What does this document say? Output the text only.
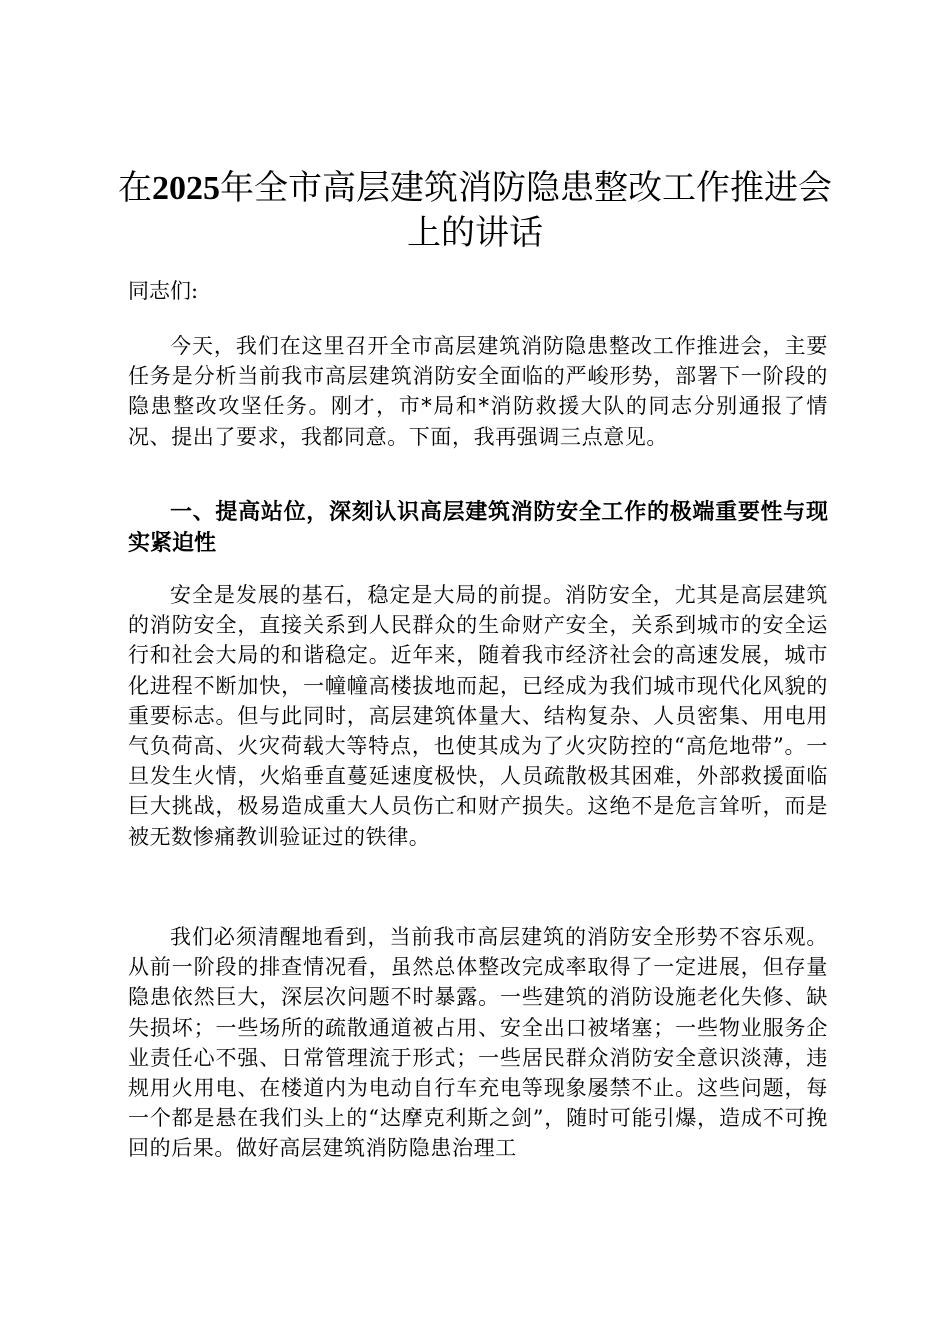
在2025年全市高层建筑消防隐患整改工作推进会上的讲话
同志们:

今天，我们在这里召开全市高层建筑消防隐患整改工作推进会，主要任务是分析当前我市高层建筑消防安全面临的严峻形势，部署下一阶段的隐患整改攻坚任务。刚才，市*局和*消防救援大队的同志分别通报了情况、提出了要求，我都同意。下面，我再强调三点意见。

一、提高站位，深刻认识高层建筑消防安全工作的极端重要性与现实紧迫性

安全是发展的基石，稳定是大局的前提。消防安全，尤其是高层建筑的消防安全，直接关系到人民群众的生命财产安全，关系到城市的安全运行和社会大局的和谐稳定。近年来，随着我市经济社会的高速发展，城市化进程不断加快，一幢幢高楼拔地而起，已经成为我们城市现代化风貌的重要标志。但与此同时，高层建筑体量大、结构复杂、人员密集、用电用气负荷高、火灾荷载大等特点，也使其成为了火灾防控的“高危地带”。一旦发生火情，火焰垂直蔓延速度极快，人员疏散极其困难，外部救援面临巨大挑战，极易造成重大人员伤亡和财产损失。这绝不是危言耸听，而是被无数惨痛教训验证过的铁律。

我们必须清醒地看到，当前我市高层建筑的消防安全形势不容乐观。从前一阶段的排查情况看，虽然总体整改完成率取得了一定进展，但存量隐患依然巨大，深层次问题不时暴露。一些建筑的消防设施老化失修、缺失损坏；一些场所的疏散通道被占用、安全出口被堵塞；一些物业服务企业责任心不强、日常管理流于形式；一些居民群众消防安全意识淡薄，违规用火用电、在楼道内为电动自行车充电等现象屡禁不止。这些问题，每一个都是悬在我们头上的“达摩克利斯之剑”，随时可能引爆，造成不可挽回的后果。做好高层建筑消防隐患治理工
